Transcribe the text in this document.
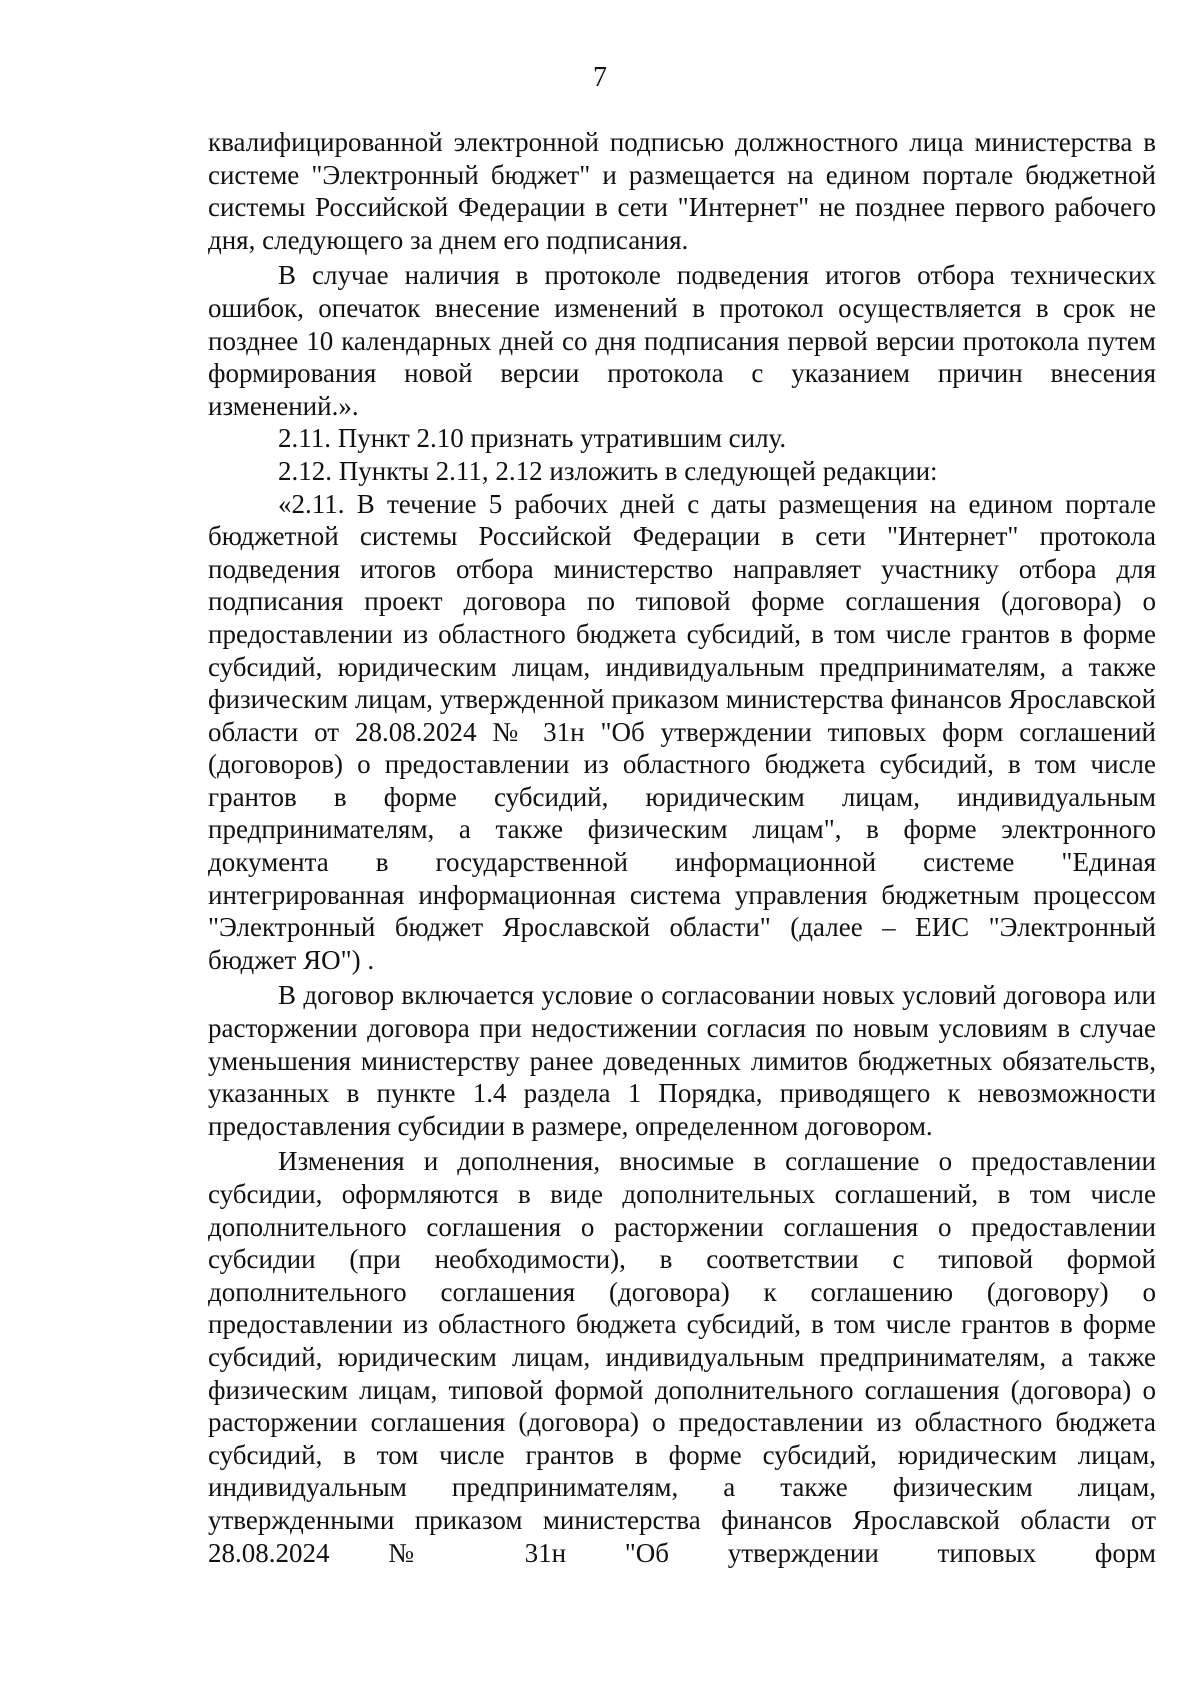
7

квалифицированной электронной подписью должностного лица министерства в системе "Электронный бюджет" и размещается на едином портале бюджетной системы Российской Федерации в сети "Интернет" не позднее первого рабочего дня, следующего за днем его подписания.

В случае наличия в протоколе подведения итогов отбора технических ошибок, опечаток внесение изменений в протокол осуществляется в срок не позднее 10 календарных дней со дня подписания первой версии протокола путем формирования новой версии протокола с указанием причин внесения изменений.».

2.11. Пункт 2.10 признать утратившим силу.

2.12. Пункты 2.11, 2.12 изложить в следующей редакции:

«2.11. В течение 5 рабочих дней с даты размещения на едином портале бюджетной системы Российской Федерации в сети "Интернет" протокола подведения итогов отбора министерство направляет участнику отбора для подписания проект договора по типовой форме соглашения (договора) о предоставлении из областного бюджета субсидий, в том числе грантов в форме субсидий, юридическим лицам, индивидуальным предпринимателям, а также физическим лицам, утвержденной приказом министерства финансов Ярославской области от 28.08.2024 № 31н "Об утверждении типовых форм соглашений (договоров) о предоставлении из областного бюджета субсидий, в том числе грантов в форме субсидий, юридическим лицам, индивидуальным предпринимателям, а также физическим лицам", в форме электронного документа в государственной информационной системе "Единая интегрированная информационная система управления бюджетным процессом "Электронный бюджет Ярославской области" (далее – ЕИС "Электронный бюджет ЯО") .

В договор включается условие о согласовании новых условий договора или расторжении договора при недостижении согласия по новым условиям в случае уменьшения министерству ранее доведенных лимитов бюджетных обязательств, указанных в пункте 1.4 раздела 1 Порядка, приводящего к невозможности предоставления субсидии в размере, определенном договором.

Изменения и дополнения, вносимые в соглашение о предоставлении субсидии, оформляются в виде дополнительных соглашений, в том числе дополнительного соглашения о расторжении соглашения о предоставлении субсидии (при необходимости), в соответствии с типовой формой дополнительного соглашения (договора) к соглашению (договору) о предоставлении из областного бюджета субсидий, в том числе грантов в форме субсидий, юридическим лицам, индивидуальным предпринимателям, а также физическим лицам, типовой формой дополнительного соглашения (договора) о расторжении соглашения (договора) о предоставлении из областного бюджета субсидий, в том числе грантов в форме субсидий, юридическим лицам, индивидуальным предпринимателям, а также физическим лицам, утвержденными приказом министерства финансов Ярославской области от 28.08.2024 № 31н "Об утверждении типовых форм
